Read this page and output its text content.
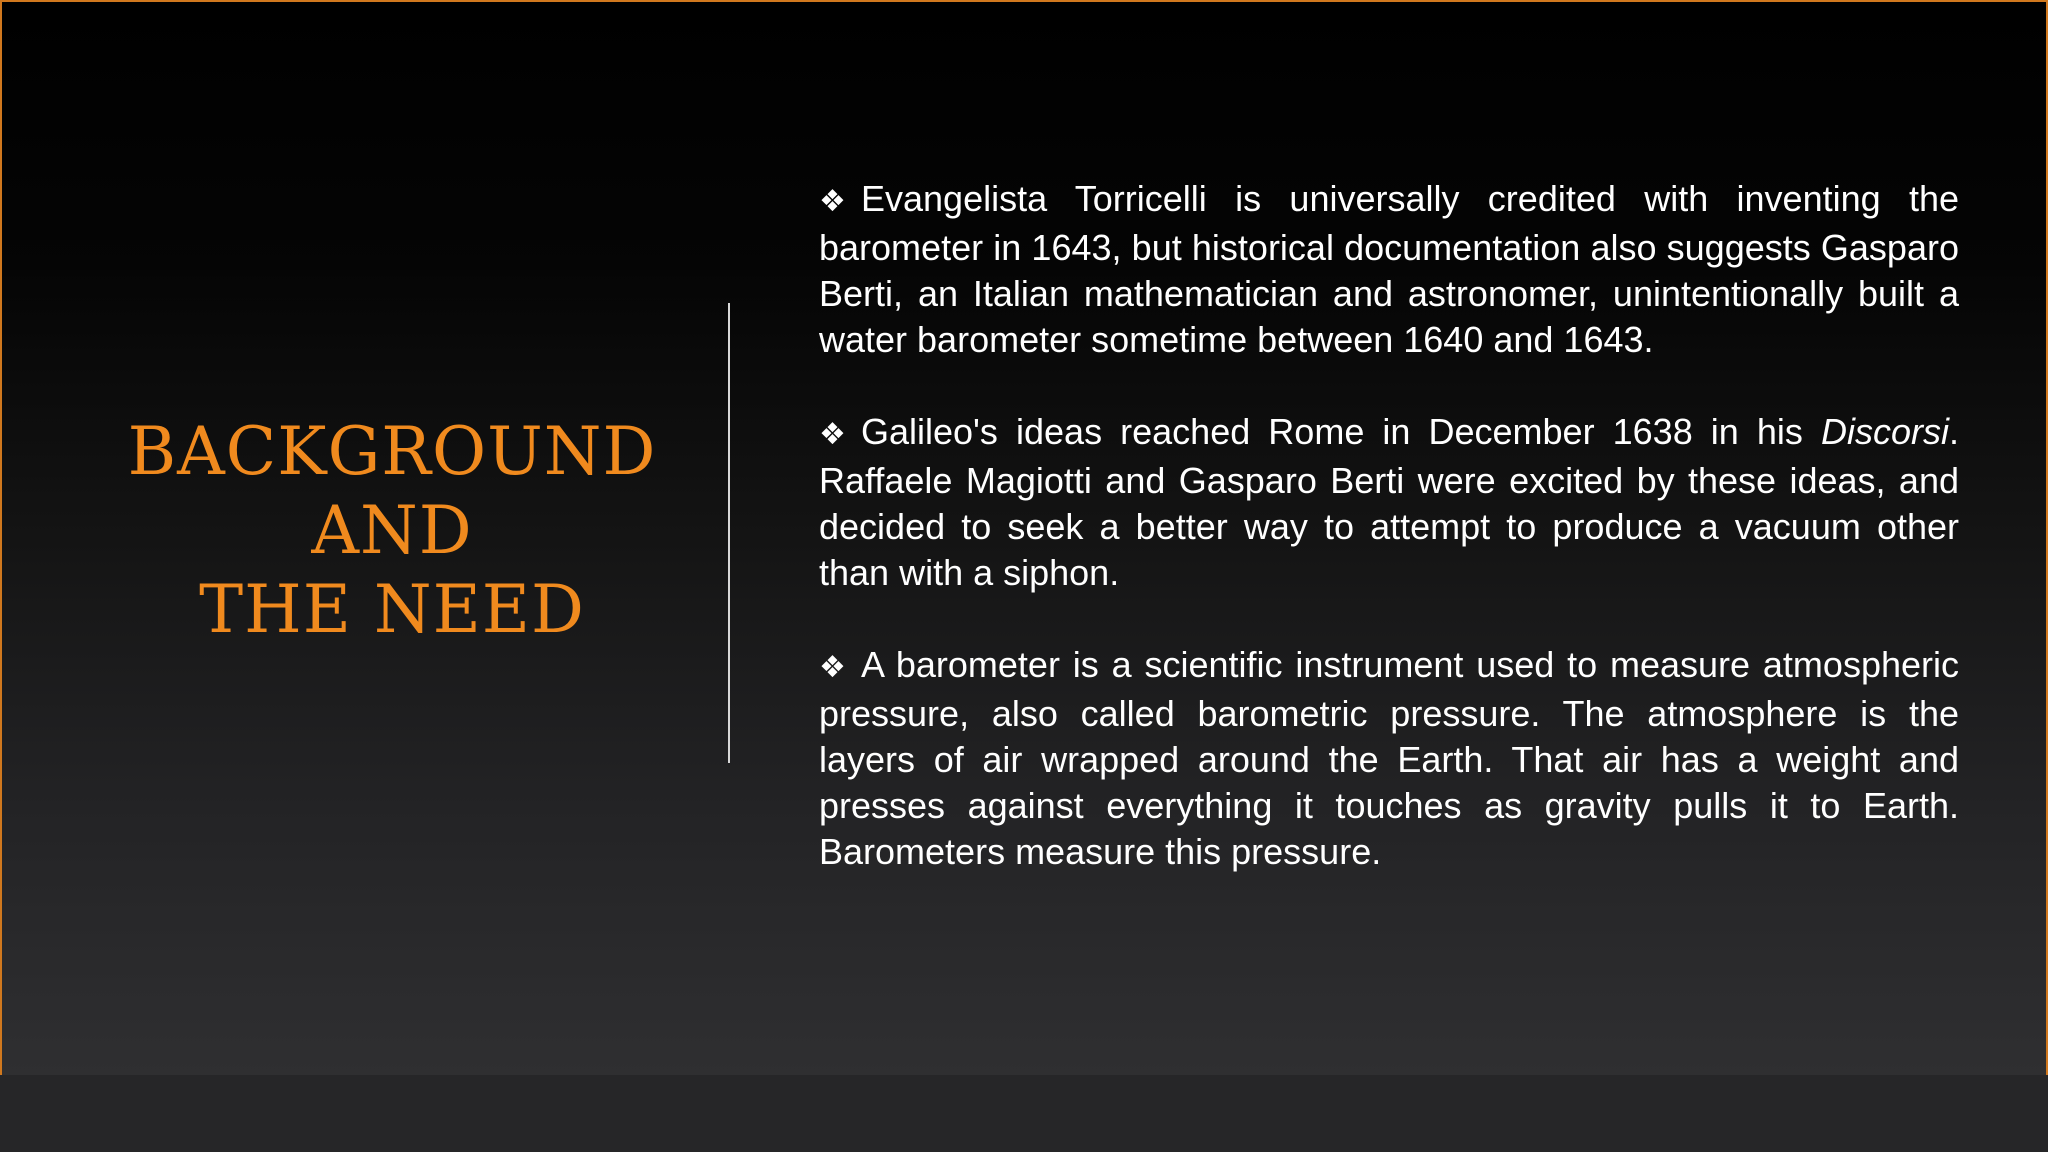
BACKGROUND
AND
THE NEED

❖ Evangelista Torricelli is universally credited with inventing the barometer in 1643, but historical documentation also suggests Gasparo Berti, an Italian mathematician and astronomer, unintentionally built a water barometer sometime between 1640 and 1643.

❖ Galileo's ideas reached Rome in December 1638 in his Discorsi. Raffaele Magiotti and Gasparo Berti were excited by these ideas, and decided to seek a better way to attempt to produce a vacuum other than with a siphon.

❖ A barometer is a scientific instrument used to measure atmospheric pressure, also called barometric pressure. The atmosphere is the layers of air wrapped around the Earth. That air has a weight and presses against everything it touches as gravity pulls it to Earth. Barometers measure this pressure.
